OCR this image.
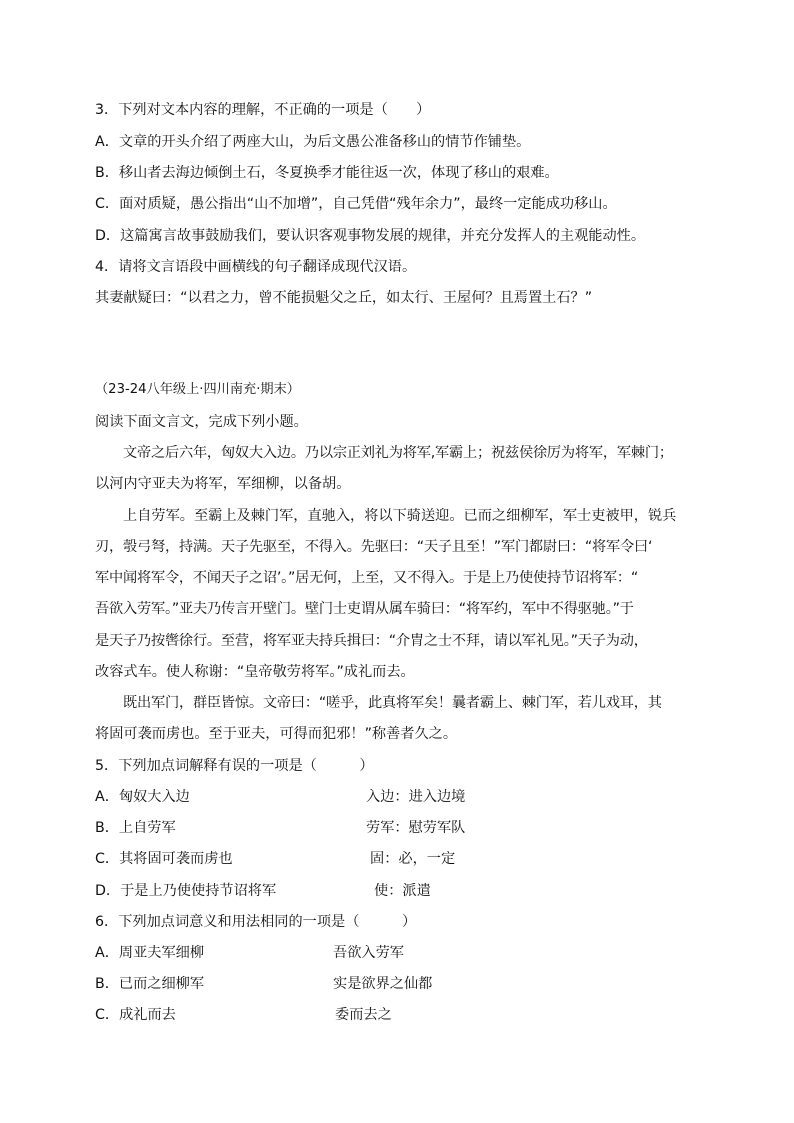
3．下列对文本内容的理解，不正确的一项是（　　）
A．文章的开头介绍了两座大山，为后文愚公准备移山的情节作铺垫。
B．移山者去海边倾倒土石，冬夏换季才能往返一次，体现了移山的艰难。
C．面对质疑，愚公指出“山不加增”，自己凭借“残年余力”，最终一定能成功移山。
D．这篇寓言故事鼓励我们，要认识客观事物发展的规律，并充分发挥人的主观能动性。
4．请将文言语段中画横线的句子翻译成现代汉语。
其妻献疑曰：“以君之力，曾不能损魁父之丘，如太行、王屋何？且焉置土石？”
（23-24八年级上·四川南充·期末）
阅读下面文言文，完成下列小题。
文帝之后六年，匈奴大入边。乃以宗正刘礼为将军,军霸上；祝兹侯徐厉为将军，军棘门；
以河内守亚夫为将军，军细柳，以备胡。
上自劳军。至霸上及棘门军，直驰入，将以下骑送迎。已而之细柳军，军士吏被甲，锐兵
刃，彀弓弩，持满。天子先驱至，不得入。先驱曰：“天子且至！”军门都尉曰：“将军令曰‘
军中闻将军令，不闻天子之诏’。”居无何，上至，又不得入。于是上乃使使持节诏将军：“
吾欲入劳军。”亚夫乃传言开壁门。壁门士吏谓从属车骑曰：“将军约，军中不得驱驰。”于
是天子乃按辔徐行。至营，将军亚夫持兵揖曰：“介胄之士不拜，请以军礼见。”天子为动，
改容式车。使人称谢：“皇帝敬劳将军。”成礼而去。
既出军门，群臣皆惊。文帝曰：“嗟乎，此真将军矣！曩者霸上、棘门军，若儿戏耳，其
将固可袭而虏也。至于亚夫，可得而犯邪！”称善者久之。
5．下列加点词解释有误的一项是（　　　）
A．匈奴大入边	入边：进入边境
B．上自劳军	劳军：慰劳军队
C．其将固可袭而虏也	固：必，一定
D．于是上乃使使持节诏将军	使：派遣
6．下列加点词意义和用法相同的一项是（　　　）
A．周亚夫军细柳	吾欲入劳军
B．已而之细柳军	实是欲界之仙都
C．成礼而去	委而去之
